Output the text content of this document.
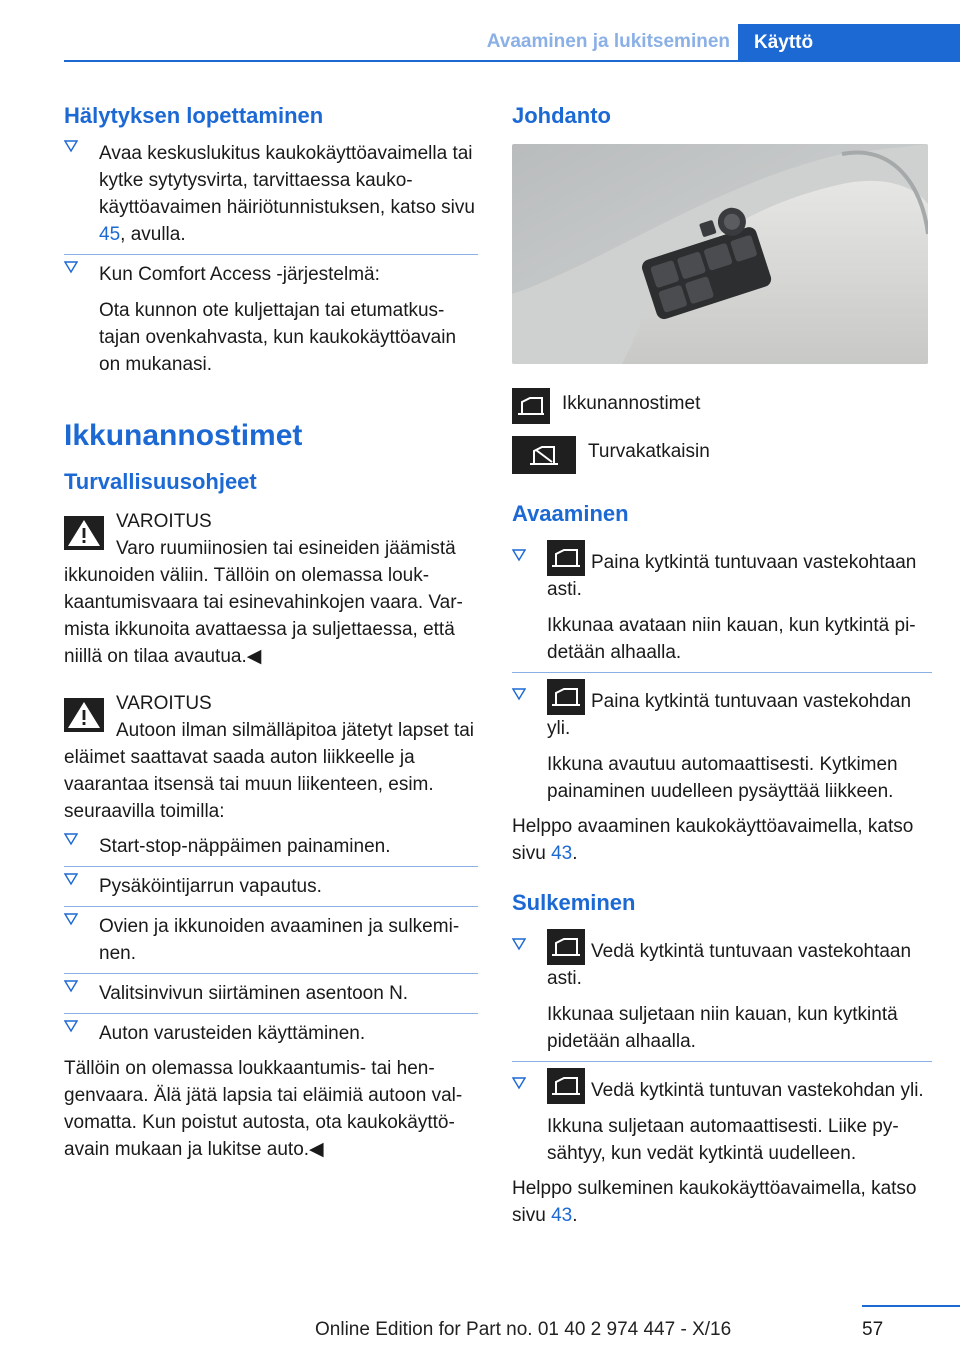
Avaaminen ja lukitseminen	Käyttö
Hälytyksen lopettaminen

Avaa keskuslukitus kaukokäyttöavaimella tai kytke sytytysvirta, tarvittaessa kaukokäyttöavaimen häiriötunnistuksen, katso sivu 45, avulla.

Kun Comfort Access -järjestelmä:

Ota kunnon ote kuljettajan tai etumatkustajan ovenkahvasta, kun kaukokäyttöavain on mukanasi.

Ikkunannostimet
Turvallisuusohjeet

VAROITUS

Varo ruumiinosien tai esineiden jäämistä ikkunoiden väliin. Tällöin on olemassa loukkaantumisvaara tai esinevahinkojen vaara. Varmista ikkunoita avattaessa ja suljettaessa, että niillä on tilaa avautua.◀

VAROITUS

Autoon ilman silmälläpitoa jätetyt lapset tai eläimet saattavat saada auton liikkeelle ja vaarantaa itsensä tai muun liikenteen, esim. seuraavilla toimilla:

Start-stop-näppäimen painaminen.

Pysäköintijarrun vapautus.

Ovien ja ikkunoiden avaaminen ja sulkeminen.

Valitsinvivun siirtäminen asentoon N.

Auton varusteiden käyttäminen.

Tällöin on olemassa loukkaantumis- tai hengenvaara. Älä jätä lapsia tai eläimiä autoon valvomatta. Kun poistut autosta, ota kaukokäyttöavain mukaan ja lukitse auto.◀

Johdanto
Ikkunannostimet
Turvakatkaisin
Avaaminen

Paina kytkintä tuntuvaan vastekohtaan asti.

Ikkunaa avataan niin kauan, kun kytkintä pidetään alhaalla.

Paina kytkintä tuntuvaan vastekohdan yli.

Ikkuna avautuu automaattisesti. Kytkimen painaminen uudelleen pysäyttää liikkeen.

Helppo avaaminen kaukokäyttöavaimella, katso sivu 43.

Sulkeminen

Vedä kytkintä tuntuvaan vastekohtaan asti.

Ikkunaa suljetaan niin kauan, kun kytkintä pidetään alhaalla.

Vedä kytkintä tuntuvan vastekohdan yli.

Ikkuna suljetaan automaattisesti. Liike pysähtyy, kun vedät kytkintä uudelleen.

Helppo sulkeminen kaukokäyttöavaimella, katso sivu 43.

57
Online Edition for Part no. 01 40 2 974 447 - X/16
